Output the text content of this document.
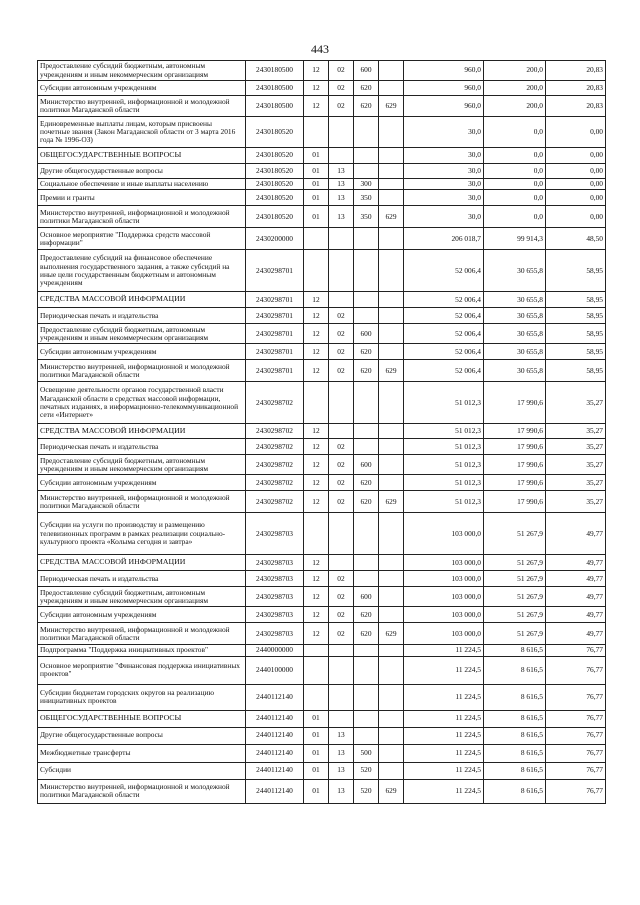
443
Предоставление субсидий бюджетным, автономным учреждениям и иным некоммерческим организациям	2430180500	12	02	600		960,0	200,0	20,83
Субсидии автономным учреждениям	2430180500	12	02	620		960,0	200,0	20,83
Министерство внутренней, информационной и молодежной политики Магаданской области	2430180500	12	02	620	629	960,0	200,0	20,83
Единовременные выплаты лицам, которым присвоены почетные звания (Закон Магаданской области от 3 марта 2016 года № 1996-ОЗ)	2430180520					30,0	0,0	0,00
ОБЩЕГОСУДАРСТВЕННЫЕ ВОПРОСЫ	2430180520	01				30,0	0,0	0,00
Другие общегосударственные вопросы	2430180520	01	13			30,0	0,0	0,00
Социальное обеспечение и иные выплаты населению	2430180520	01	13	300		30,0	0,0	0,00
Премии и гранты	2430180520	01	13	350		30,0	0,0	0,00
Министерство внутренней, информационной и молодежной политики Магаданской области	2430180520	01	13	350	629	30,0	0,0	0,00
Основное мероприятие "Поддержка средств массовой информации"	2430200000					206 018,7	99 914,3	48,50
Предоставление субсидий на финансовое обеспечение выполнения государственного задания, а также субсидий на иные цели государственным бюджетным и автономным учреждениям	2430298701					52 006,4	30 655,8	58,95
СРЕДСТВА МАССОВОЙ ИНФОРМАЦИИ	2430298701	12				52 006,4	30 655,8	58,95
Периодическая печать и издательства	2430298701	12	02			52 006,4	30 655,8	58,95
Предоставление субсидий бюджетным, автономным учреждениям и иным некоммерческим организациям	2430298701	12	02	600		52 006,4	30 655,8	58,95
Субсидии автономным учреждениям	2430298701	12	02	620		52 006,4	30 655,8	58,95
Министерство внутренней, информационной и молодежной политики Магаданской области	2430298701	12	02	620	629	52 006,4	30 655,8	58,95
Освещение деятельности органов государственной власти Магаданской области в средствах массовой информации, печатных изданиях, в информационно-телекоммуникационной сети «Интернет»	2430298702					51 012,3	17 990,6	35,27
СРЕДСТВА МАССОВОЙ ИНФОРМАЦИИ	2430298702	12				51 012,3	17 990,6	35,27
Периодическая печать и издательства	2430298702	12	02			51 012,3	17 990,6	35,27
Предоставление субсидий бюджетным, автономным учреждениям и иным некоммерческим организациям	2430298702	12	02	600		51 012,3	17 990,6	35,27
Субсидии автономным учреждениям	2430298702	12	02	620		51 012,3	17 990,6	35,27
Министерство внутренней, информационной и молодежной политики Магаданской области	2430298702	12	02	620	629	51 012,3	17 990,6	35,27
Субсидии на услуги по производству и размещению телевизионных программ в рамках реализации социально-культурного проекта «Колыма сегодня и завтра»	2430298703					103 000,0	51 267,9	49,77
СРЕДСТВА МАССОВОЙ ИНФОРМАЦИИ	2430298703	12				103 000,0	51 267,9	49,77
Периодическая печать и издательства	2430298703	12	02			103 000,0	51 267,9	49,77
Предоставление субсидий бюджетным, автономным учреждениям и иным некоммерческим организациям	2430298703	12	02	600		103 000,0	51 267,9	49,77
Субсидии автономным учреждениям	2430298703	12	02	620		103 000,0	51 267,9	49,77
Министерство внутренней, информационной и молодежной политики Магаданской области	2430298703	12	02	620	629	103 000,0	51 267,9	49,77
Подпрограмма "Поддержка инициативных проектов"	2440000000					11 224,5	8 616,5	76,77
Основное мероприятие "Финансовая поддержка инициативных проектов"	2440100000					11 224,5	8 616,5	76,77
Субсидии бюджетам городских округов на реализацию инициативных проектов	2440112140					11 224,5	8 616,5	76,77
ОБЩЕГОСУДАРСТВЕННЫЕ ВОПРОСЫ	2440112140	01				11 224,5	8 616,5	76,77
Другие общегосударственные вопросы	2440112140	01	13			11 224,5	8 616,5	76,77
Межбюджетные трансферты	2440112140	01	13	500		11 224,5	8 616,5	76,77
Субсидии	2440112140	01	13	520		11 224,5	8 616,5	76,77
Министерство внутренней, информационной и молодежной политики Магаданской области	2440112140	01	13	520	629	11 224,5	8 616,5	76,77
